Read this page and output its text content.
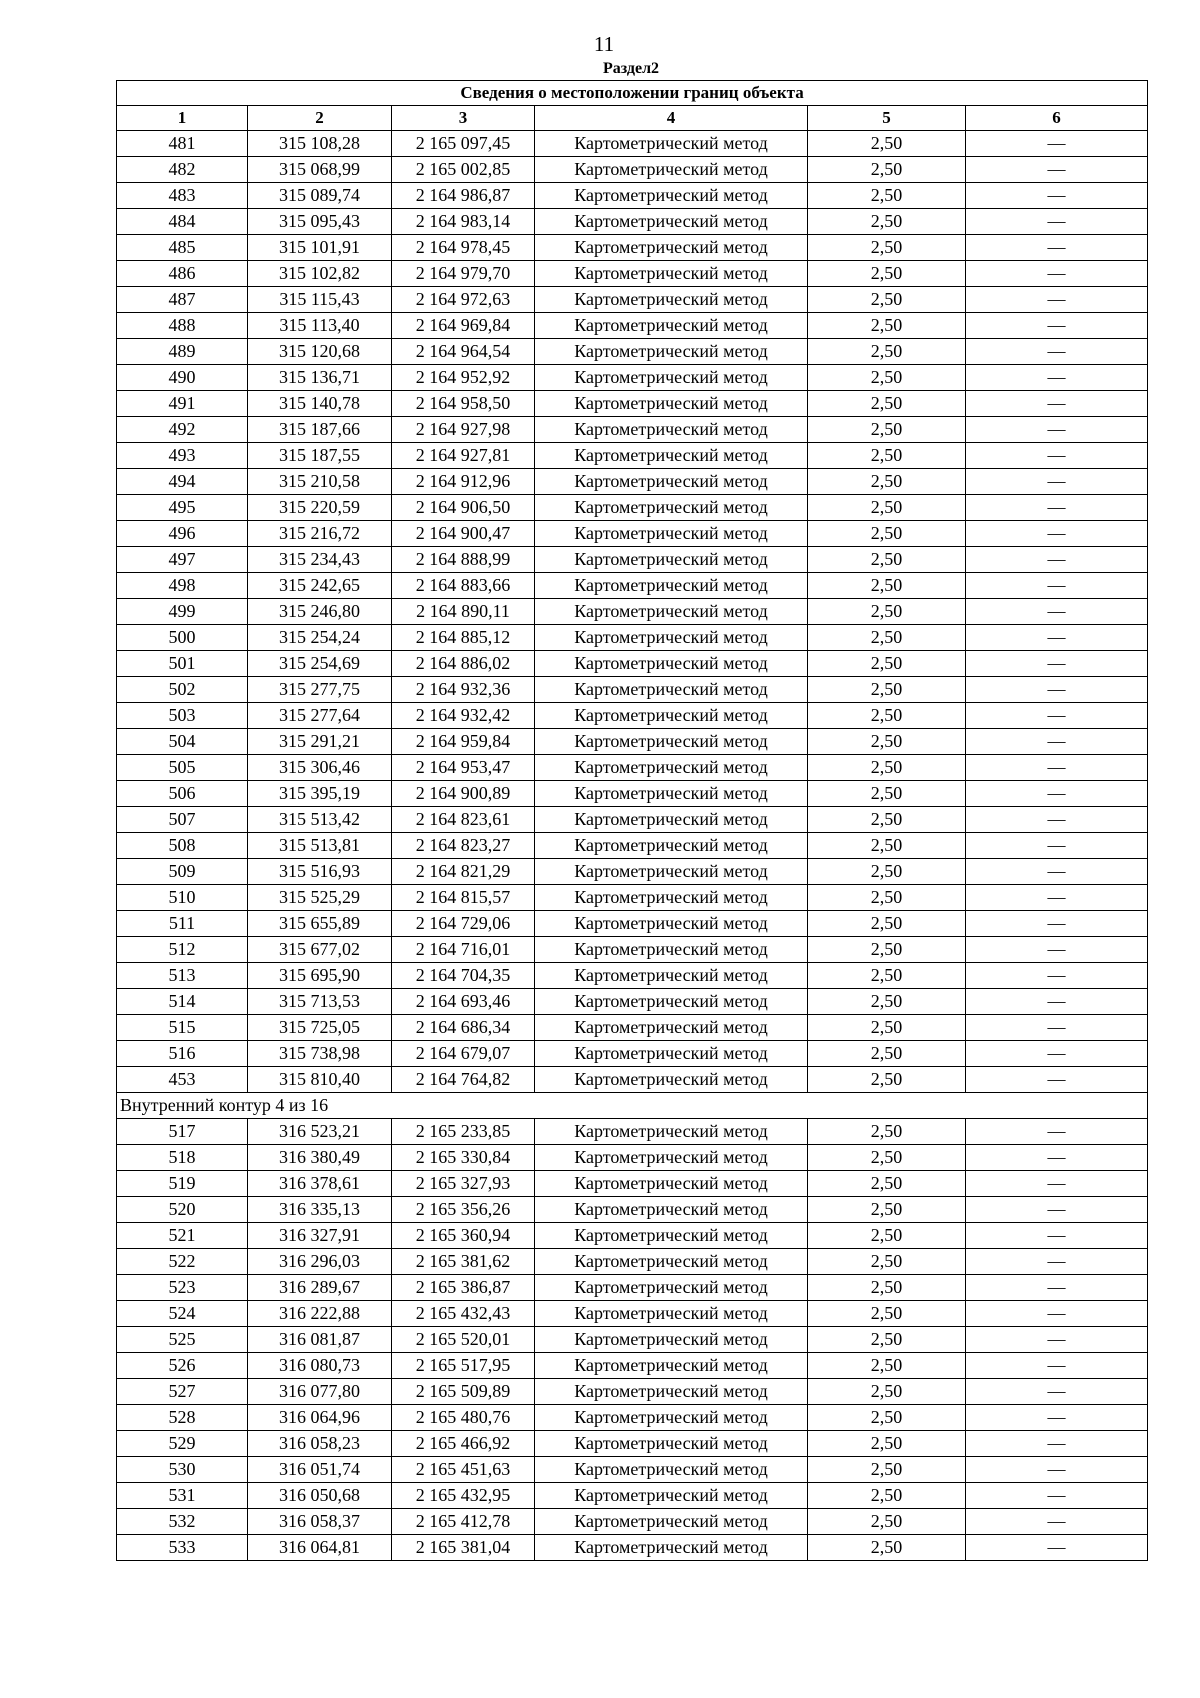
11
Раздел2
Сведения о местоположении границ объекта					
1	2	3	4	5	6
481	315 108,28	2 165 097,45	Картометрический метод	2,50	—
482	315 068,99	2 165 002,85	Картометрический метод	2,50	—
483	315 089,74	2 164 986,87	Картометрический метод	2,50	—
484	315 095,43	2 164 983,14	Картометрический метод	2,50	—
485	315 101,91	2 164 978,45	Картометрический метод	2,50	—
486	315 102,82	2 164 979,70	Картометрический метод	2,50	—
487	315 115,43	2 164 972,63	Картометрический метод	2,50	—
488	315 113,40	2 164 969,84	Картометрический метод	2,50	—
489	315 120,68	2 164 964,54	Картометрический метод	2,50	—
490	315 136,71	2 164 952,92	Картометрический метод	2,50	—
491	315 140,78	2 164 958,50	Картометрический метод	2,50	—
492	315 187,66	2 164 927,98	Картометрический метод	2,50	—
493	315 187,55	2 164 927,81	Картометрический метод	2,50	—
494	315 210,58	2 164 912,96	Картометрический метод	2,50	—
495	315 220,59	2 164 906,50	Картометрический метод	2,50	—
496	315 216,72	2 164 900,47	Картометрический метод	2,50	—
497	315 234,43	2 164 888,99	Картометрический метод	2,50	—
498	315 242,65	2 164 883,66	Картометрический метод	2,50	—
499	315 246,80	2 164 890,11	Картометрический метод	2,50	—
500	315 254,24	2 164 885,12	Картометрический метод	2,50	—
501	315 254,69	2 164 886,02	Картометрический метод	2,50	—
502	315 277,75	2 164 932,36	Картометрический метод	2,50	—
503	315 277,64	2 164 932,42	Картометрический метод	2,50	—
504	315 291,21	2 164 959,84	Картометрический метод	2,50	—
505	315 306,46	2 164 953,47	Картометрический метод	2,50	—
506	315 395,19	2 164 900,89	Картометрический метод	2,50	—
507	315 513,42	2 164 823,61	Картометрический метод	2,50	—
508	315 513,81	2 164 823,27	Картометрический метод	2,50	—
509	315 516,93	2 164 821,29	Картометрический метод	2,50	—
510	315 525,29	2 164 815,57	Картометрический метод	2,50	—
511	315 655,89	2 164 729,06	Картометрический метод	2,50	—
512	315 677,02	2 164 716,01	Картометрический метод	2,50	—
513	315 695,90	2 164 704,35	Картометрический метод	2,50	—
514	315 713,53	2 164 693,46	Картометрический метод	2,50	—
515	315 725,05	2 164 686,34	Картометрический метод	2,50	—
516	315 738,98	2 164 679,07	Картометрический метод	2,50	—
453	315 810,40	2 164 764,82	Картометрический метод	2,50	—
Внутренний контур 4 из 16					
517	316 523,21	2 165 233,85	Картометрический метод	2,50	—
518	316 380,49	2 165 330,84	Картометрический метод	2,50	—
519	316 378,61	2 165 327,93	Картометрический метод	2,50	—
520	316 335,13	2 165 356,26	Картометрический метод	2,50	—
521	316 327,91	2 165 360,94	Картометрический метод	2,50	—
522	316 296,03	2 165 381,62	Картометрический метод	2,50	—
523	316 289,67	2 165 386,87	Картометрический метод	2,50	—
524	316 222,88	2 165 432,43	Картометрический метод	2,50	—
525	316 081,87	2 165 520,01	Картометрический метод	2,50	—
526	316 080,73	2 165 517,95	Картометрический метод	2,50	—
527	316 077,80	2 165 509,89	Картометрический метод	2,50	—
528	316 064,96	2 165 480,76	Картометрический метод	2,50	—
529	316 058,23	2 165 466,92	Картометрический метод	2,50	—
530	316 051,74	2 165 451,63	Картометрический метод	2,50	—
531	316 050,68	2 165 432,95	Картометрический метод	2,50	—
532	316 058,37	2 165 412,78	Картометрический метод	2,50	—
533	316 064,81	2 165 381,04	Картометрический метод	2,50	—
